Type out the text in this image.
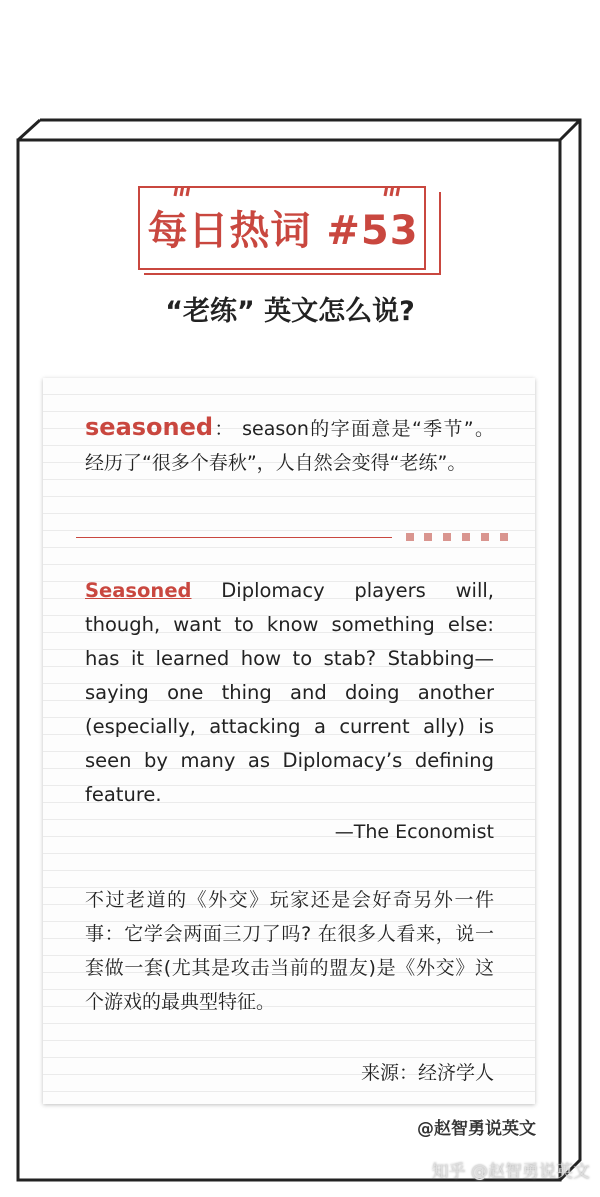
每日热词 #53
“老练” 英文怎么说?
seasoned： season的字面意是“季节”。经历了“很多个春秋”，人自然会变得“老练”。
Seasoned Diplomacy players will, though, want to know something else: has it learned how to stab? Stabbing—saying one thing and doing another (especially, attacking a current ally) is seen by many as Diplomacy’s defining feature.
—The Economist
不过老道的《外交》玩家还是会好奇另外一件事：它学会两面三刀了吗? 在很多人看来，说一套做一套(尤其是攻击当前的盟友)是《外交》这个游戏的最典型特征。
来源：经济学人
@赵智勇说英文
知乎 @赵智勇说英文
